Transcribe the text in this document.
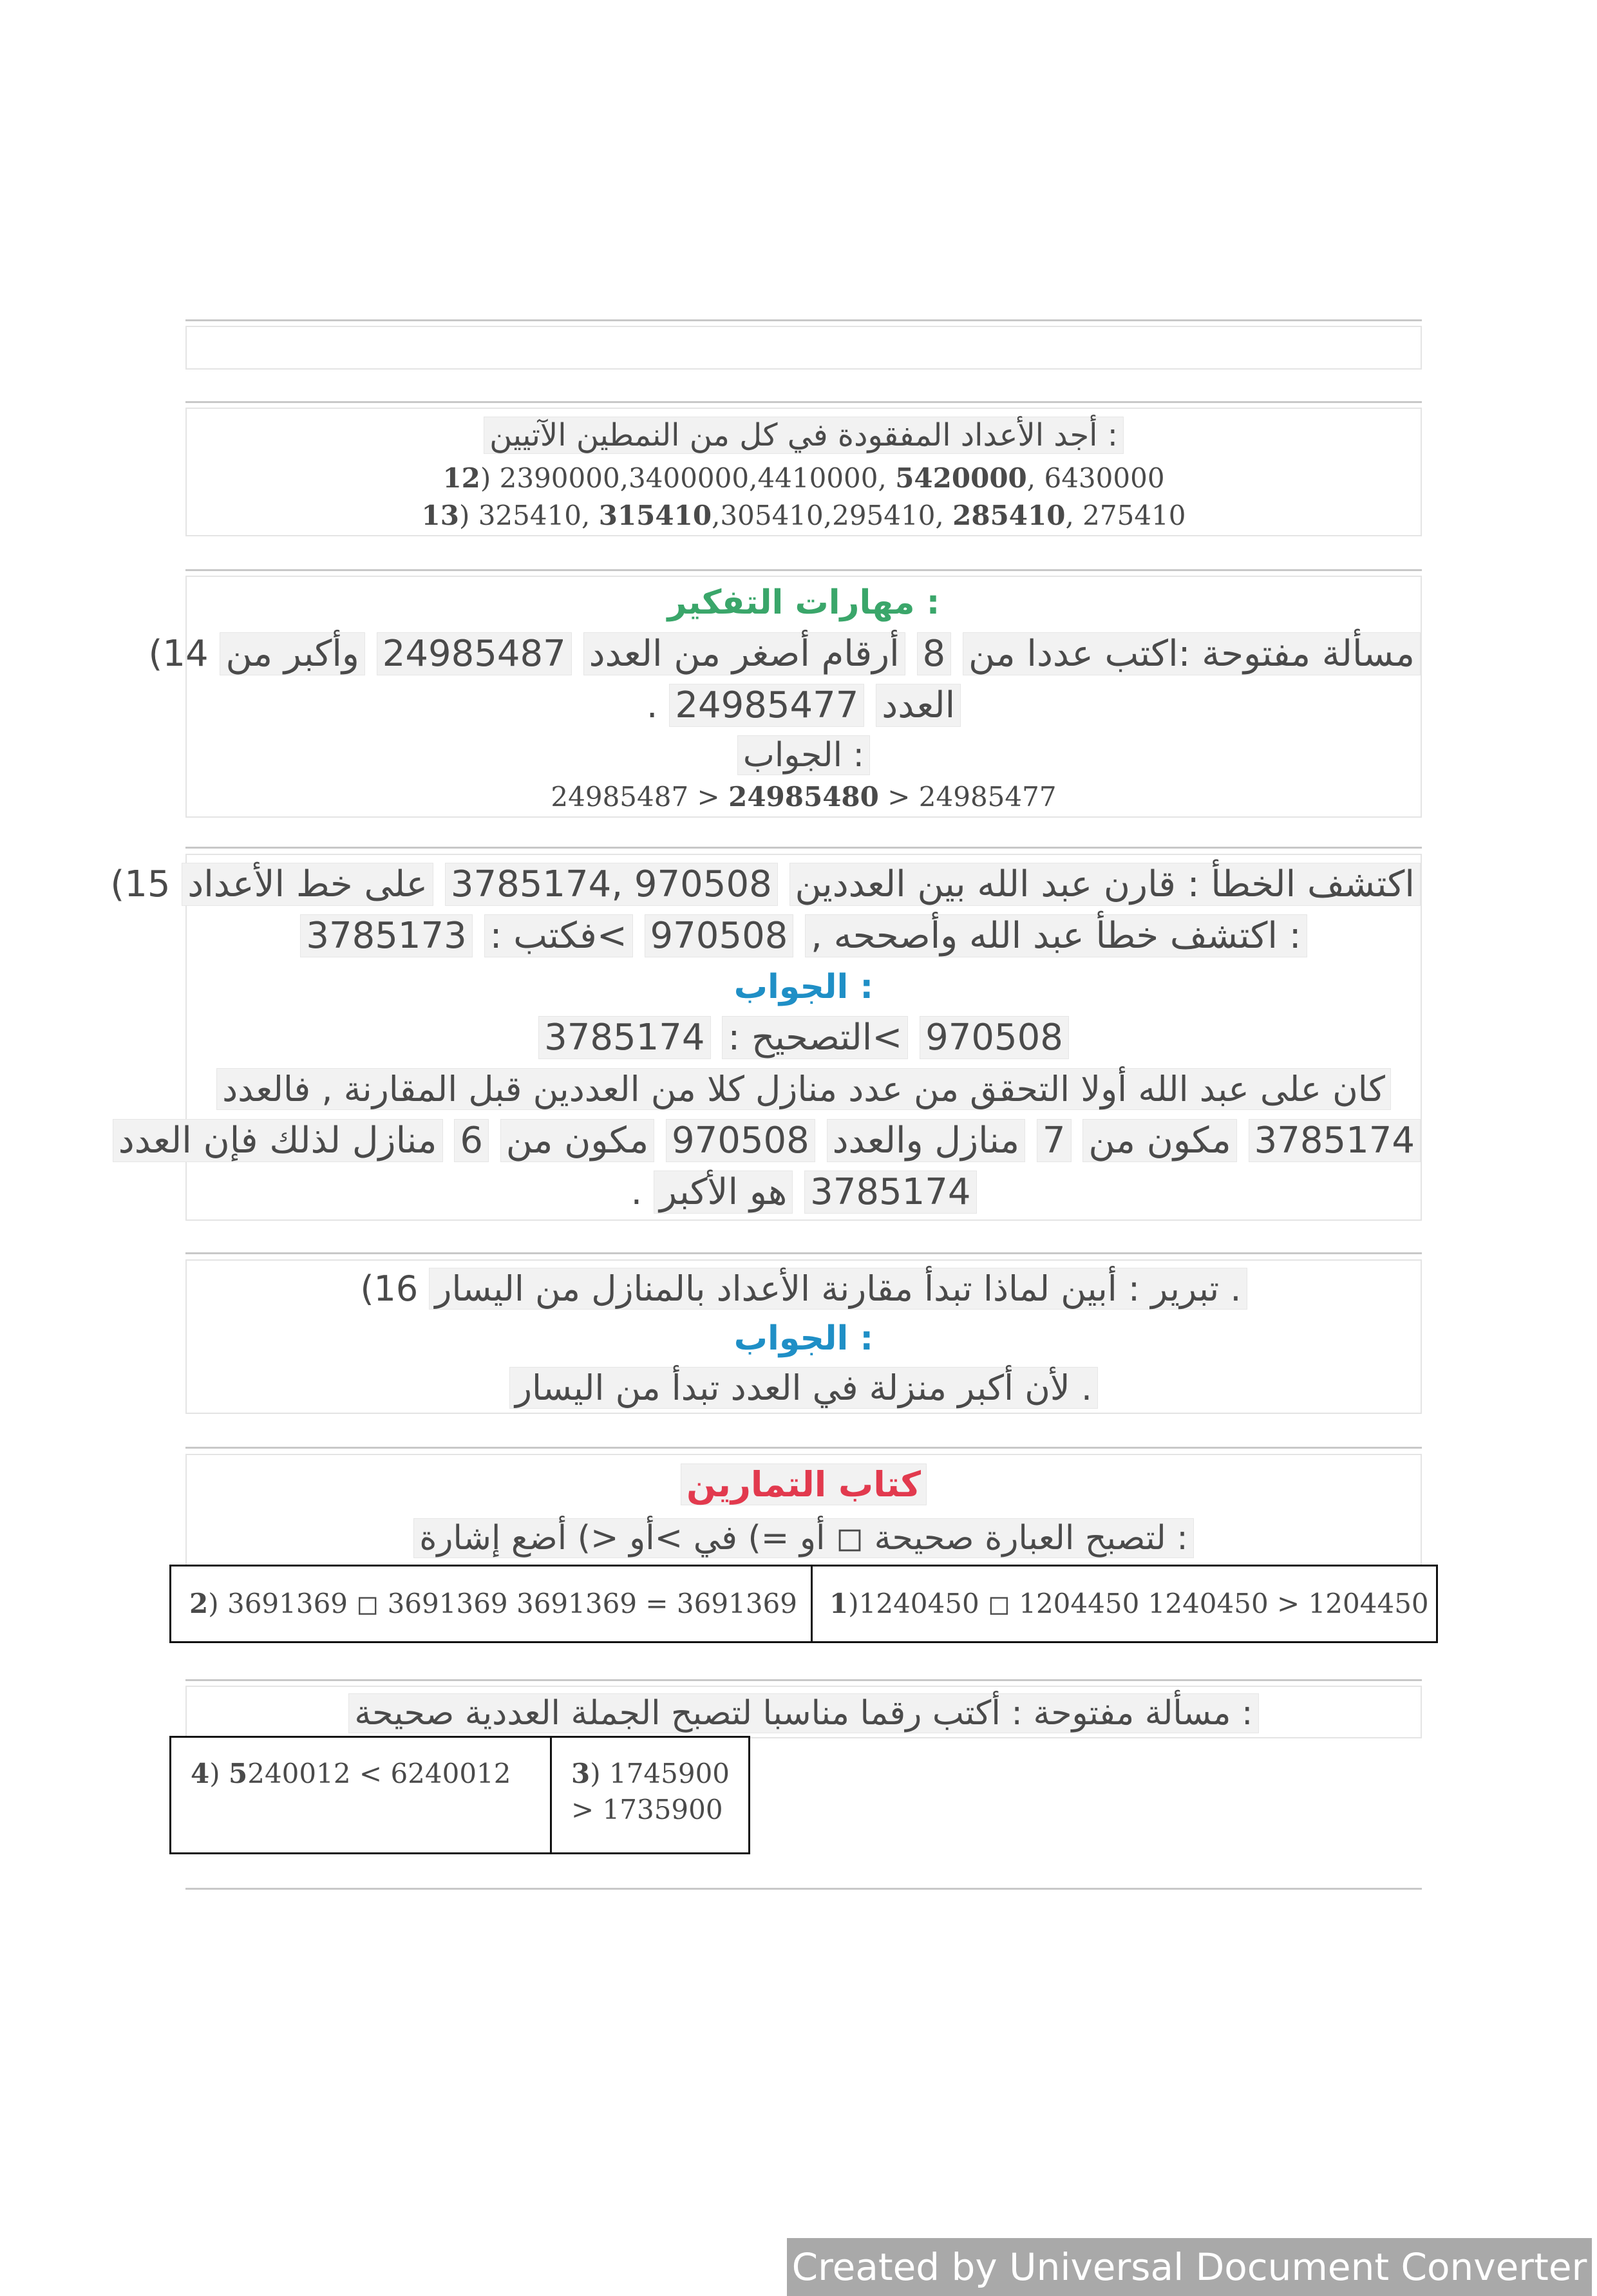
: أجد الأعداد المفقودة في كل من النمطين الآتيين
12) 2390000,3400000,4410000, 5420000, 6430000
13) 325410, 315410,305410,295410, 285410, 275410
: مهارات التفكير
مسألة مفتوحة :اكتب عددا من 8 أرقام أصغر من العدد 24985487 وأكبر من 14)
العدد 24985477 .
: الجواب
24985487 > 24985480 > 24985477
اكتشف الخطأ : قارن عبد الله بين العددين 970508 ,3785174 على خط الأعداد 15)
: اكتشف خطأ عبد الله وأصححه , 970508 >فكتب : 3785173
: الجواب
970508 >التصحيح : 3785174
كان على عبد الله أولا التحقق من عدد منازل كلا من العددين قبل المقارنة , فالعدد
3785174 مكون من 7 منازل والعدد 970508 مكون من 6 منازل لذلك فإن العدد
3785174 هو الأكبر .
. تبرير : أبين لماذا تبدأ مقارنة الأعداد بالمنازل من اليسار 16)
: الجواب
. لأن أكبر منزلة في العدد تبدأ من اليسار
كتاب التمارين
: لتصبح العبارة صحيحة ◻ أو =) في >أو <) أضع إشارة
2) 3691369 ◻ 3691369 3691369 = 3691369	1)1240450 ◻ 1204450 1240450 > 1204450
: مسألة مفتوحة : أكتب رقما مناسبا لتصبح الجملة العددية صحيحة
4) 5240012 < 6240012	3) 1745900
> 1735900
Created by Universal Document Converter
